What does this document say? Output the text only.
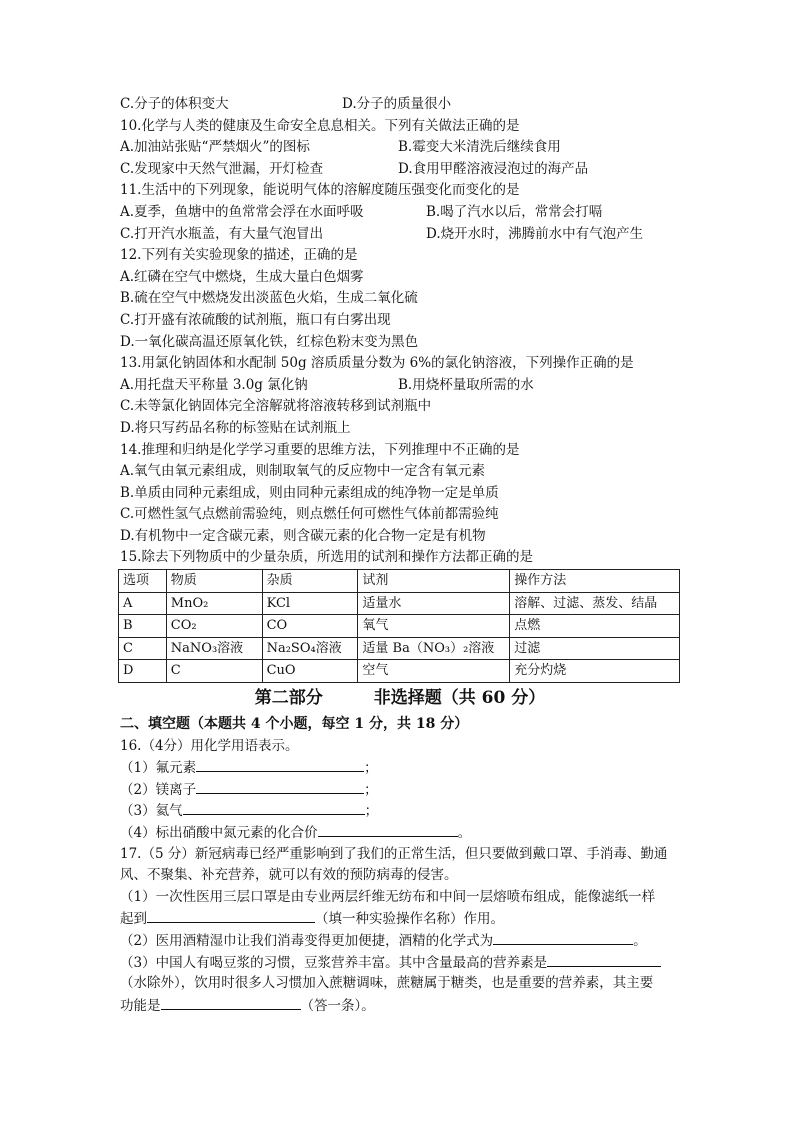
C.分子的体积变大	D.分子的质量很小
10.化学与人类的健康及生命安全息息相关。下列有关做法正确的是
A.加油站张贴“严禁烟火”的图标	B.霉变大米清洗后继续食用
C.发现家中天然气泄漏，开灯检查	D.食用甲醛溶液浸泡过的海产品
11.生活中的下列现象，能说明气体的溶解度随压强变化而变化的是
A.夏季，鱼塘中的鱼常常会浮在水面呼吸	B.喝了汽水以后，常常会打嗝
C.打开汽水瓶盖，有大量气泡冒出	D.烧开水时，沸腾前水中有气泡产生
12.下列有关实验现象的描述，正确的是
A.红磷在空气中燃烧，生成大量白色烟雾
B.硫在空气中燃烧发出淡蓝色火焰，生成二氧化硫
C.打开盛有浓硫酸的试剂瓶，瓶口有白雾出现
D.一氧化碳高温还原氧化铁，红棕色粉末变为黑色
13.用氯化钠固体和水配制 50g 溶质质量分数为 6%的氯化钠溶液，下列操作正确的是
A.用托盘天平称量 3.0g 氯化钠	B.用烧杯量取所需的水
C.未等氯化钠固体完全溶解就将溶液转移到试剂瓶中
D.将只写药品名称的标签贴在试剂瓶上
14.推理和归纳是化学学习重要的思维方法，下列推理中不正确的是
A.氧气由氧元素组成，则制取氧气的反应物中一定含有氧元素
B.单质由同种元素组成，则由同种元素组成的纯净物一定是单质
C.可燃性氢气点燃前需验纯，则点燃任何可燃性气体前都需验纯
D.有机物中一定含碳元素，则含碳元素的化合物一定是有机物
15.除去下列物质中的少量杂质，所选用的试剂和操作方法都正确的是
选项	物质	杂质	试剂	操作方法
A	MnO₂	KCl	适量水	溶解、过滤、蒸发、结晶
B	CO₂	CO	氧气	点燃
C	NaNO₃溶液	Na₂SO₄溶液	适量 Ba（NO₃）₂溶液	过滤
D	C	CuO	空气	充分灼烧
第二部分　　　非选择题（共 60 分）
二、填空题（本题共 4 个小题，每空 1 分，共 18 分）
16.（4分）用化学用语表示。
（1）氟元素	；
（2）镁离子	；
（3）氦气	；
（4）标出硝酸中氮元素的化合价	。
17.（5 分）新冠病毒已经严重影响到了我们的正常生活，但只要做到戴口罩、手消毒、勤通
风、不聚集、补充营养，就可以有效的预防病毒的侵害。
（1）一次性医用三层口罩是由专业两层纤维无纺布和中间一层熔喷布组成，能像滤纸一样
起到	（填一种实验操作名称）作用。
（2）医用酒精湿巾让我们消毒变得更加便捷，酒精的化学式为	。
（3）中国人有喝豆浆的习惯，豆浆营养丰富。其中含量最高的营养素是
（水除外），饮用时很多人习惯加入蔗糖调味，蔗糖属于糖类，也是重要的营养素，其主要
功能是	（答一条）。
